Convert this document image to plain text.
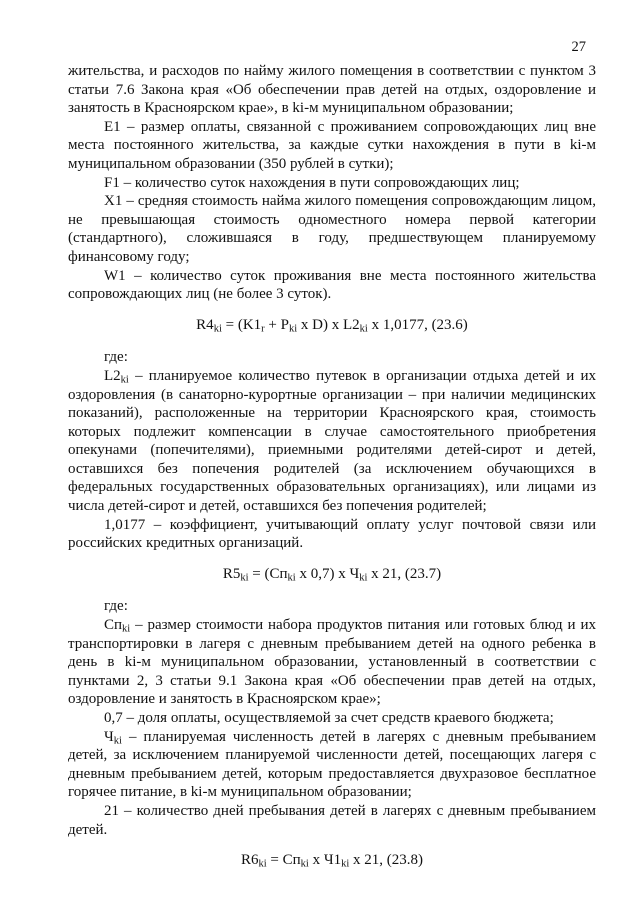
27

жительства, и расходов по найму жилого помещения в соответствии с пунктом 3 статьи 7.6 Закона края «Об обеспечении прав детей на отдых, оздоровление и занятость в Красноярском крае», в ki-м муниципальном образовании;

E1 – размер оплаты, связанной с проживанием сопровождающих лиц вне места постоянного жительства, за каждые сутки нахождения в пути в ki-м муниципальном образовании (350 рублей в сутки);

F1 – количество суток нахождения в пути сопровождающих лиц;

X1 – средняя стоимость найма жилого помещения сопровождающим лицом, не превышающая стоимость одноместного номера первой категории (стандартного), сложившаяся в году, предшествующем планируемому финансовому году;

W1 – количество суток проживания вне места постоянного жительства сопровождающих лиц (не более 3 суток).

$R4_{ki} = (K1_r + P_{ki}$ x D) x $L2_{ki}$ x 1,0177, (23.6)

где:

$L2_{ki}$ – планируемое количество путевок в организации отдыха детей и их оздоровления (в санаторно-курортные организации – при наличии медицинских показаний), расположенные на территории Красноярского края, стоимость которых подлежит компенсации в случае самостоятельного приобретения опекунами (попечителями), приемными родителями детей-сирот и детей, оставшихся без попечения родителей (за исключением обучающихся в федеральных государственных образовательных организациях), или лицами из числа детей-сирот и детей, оставшихся без попечения родителей;

1,0177 – коэффициент, учитывающий оплату услуг почтовой связи или российских кредитных организаций.

$R5_{ki} = (Сп_{ki}$ x 0,7) x $Ч_{ki}$ x 21, (23.7)

где:

$Сп_{ki}$ – размер стоимости набора продуктов питания или готовых блюд и их транспортировки в лагеря с дневным пребыванием детей на одного ребенка в день в ki-м муниципальном образовании, установленный в соответствии с пунктами 2, 3 статьи 9.1 Закона края «Об обеспечении прав детей на отдых, оздоровление и занятость в Красноярском крае»;

0,7 – доля оплаты, осуществляемой за счет средств краевого бюджета;

$Ч_{ki}$ – планируемая численность детей в лагерях с дневным пребыванием детей, за исключением планируемой численности детей, посещающих лагеря с дневным пребыванием детей, которым предоставляется двухразовое бесплатное горячее питание, в ki-м муниципальном образовании;

21 – количество дней пребывания детей в лагерях с дневным пребыванием детей.

$R6_{ki} = Сп_{ki}$ x $Ч1_{ki}$ x 21, (23.8)
